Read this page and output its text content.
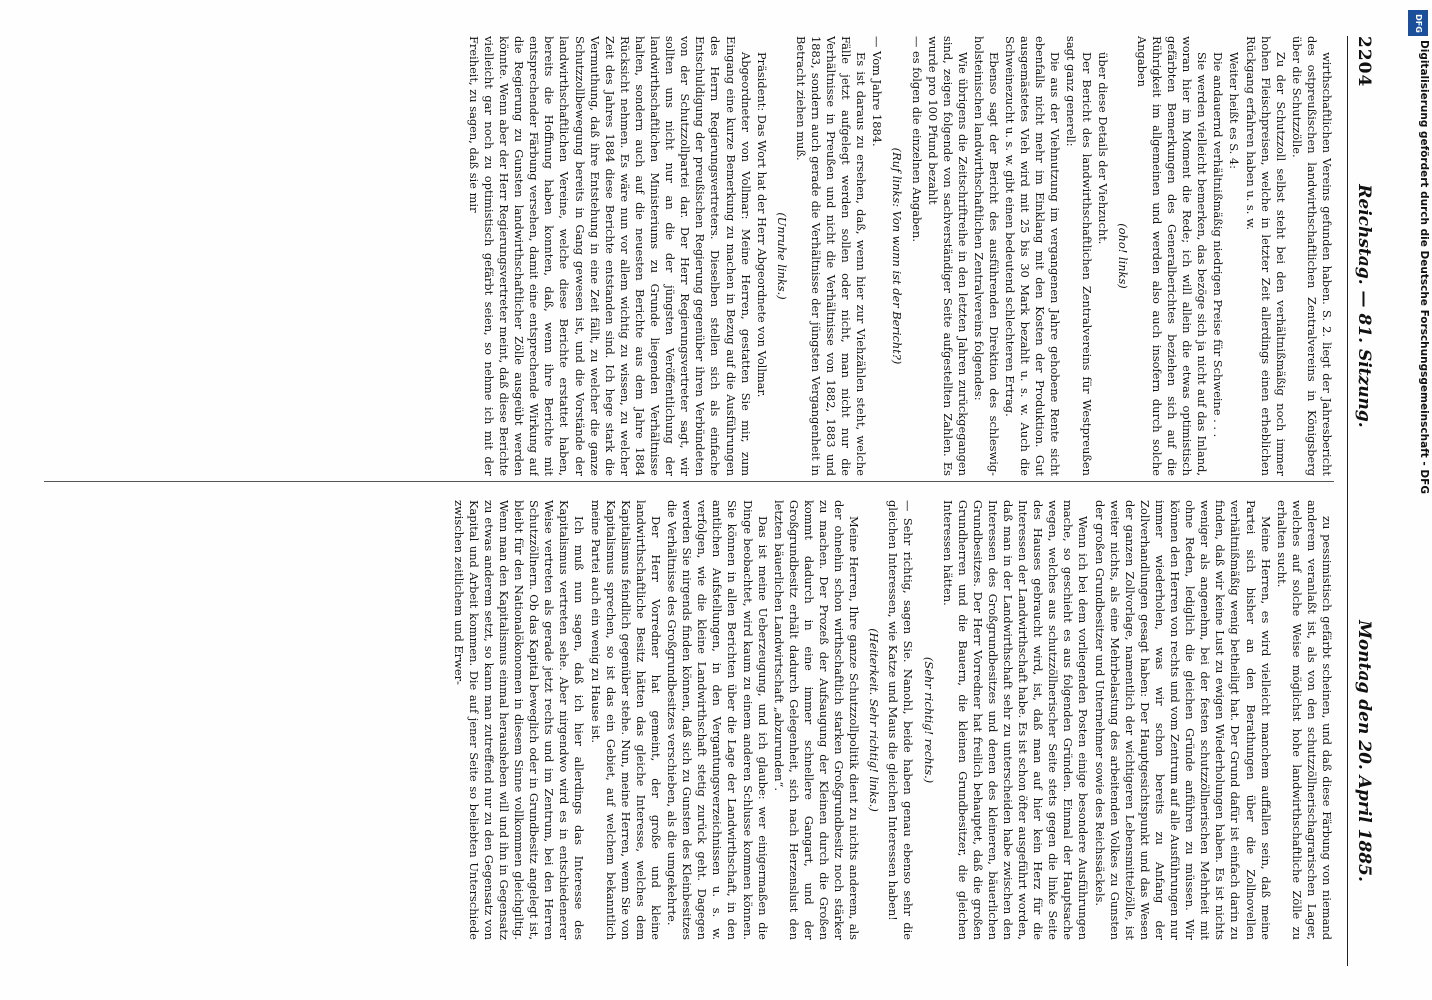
2204
Reichstag. — 81. Sitzung.
Montag den 20. April 1885.

wirthschaftlichen Vereins gefunden haben. S. 2. liegt der Jahresbericht des ostpreußischen landwirthschaftlichen Zentralvereins in Königsberg über die Schutzzölle.

Zu der Schutzzoll selbst steht bei den verhältnißmäßig noch immer hohen Fleischpreisen, welche in letzter Zeit allerdings einen erheblichen Rückgang erfahren haben u. s. w.

Weiter heißt es S. 4:

Die andauernd verhältnißmäßig niedrigen Preise für Schweine . . .

Sie werden vielleicht bemerken, das bezöge sich ja nicht auf das Inland, woran hier im Moment die Rede; ich will allein die etwas optimistisch gefärbten Bemerkungen des Generalberichtes beziehen sich auf die Rührigkeit im allgemeinen und werden also auch insofern durch solche Angaben

(oho! links)

über diese Details der Viehzucht.

Der Bericht des landwirthschaftlichen Zentralvereins für Westpreußen sagt ganz generell:

Die aus der Viehnutzung im vergangenen Jahre gehobene Rente sicht ebenfalls nicht mehr im Einklang mit den Kosten der Produktion. Gut ausgemästetes Vieh wird mit 25 bis 30 Mark bezahlt u. s. w. Auch die Schweinezucht u. s. w. gibt einen bedeutend schlechteren Ertrag.

Ebenso sagt der Bericht des ausführenden Direktion des schleswig-holsteinischen landwirthschaftlichen Zentralvereins folgendes:

Wie übrigens die Zeitschriftreihe in den letzten Jahren zurückgegangen sind, zeigen folgende von sachverständiger Seite aufgestellten Zahlen. Es wurde pro 100 Pfund bezahlt

— es folgen die einzelnen Angaben.

(Ruf links: Von wann ist der Bericht?)

— Vom Jahre 1884.

Es ist daraus zu ersehen, daß, wenn hier zur Viehzählen steht, welche Fälle jetzt aufgelegt werden sollen oder nicht, man nicht nur die Verhältnisse in Preußen und nicht die Verhältnisse von 1882, 1883 und 1883, sondern auch gerade die Verhältnisse der jüngsten Vergangenheit in Betracht ziehen muß.

(Unruhe links.)

Präsident: Das Wort hat der Herr Abgeordnete von Vollmar.

Abgeordneter von Vollmar: Meine Herren, gestatten Sie mir, zum Eingang eine kurze Bemerkung zu machen in Bezug auf die Ausführungen des Herrn Regierungsvertreters. Dieselben stellen sich als einfache Entschuldigung der preußischen Regierung gegenüber ihren Verbündeten von der Schutzzollpartei dar. Der Herr Regierungsvertreter sagt, wir sollten uns nicht nur an die der jüngsten Veröffentlichung der landwirthschaftlichen Ministeriums zu Grunde liegenden Verhältnisse halten, sondern auch auf die neuesten Berichte aus dem Jahre 1884 Rücksicht nehmen. Es wäre nun vor allem wichtig zu wissen, zu welcher Zeit des Jahres 1884 diese Berichte entstanden sind. Ich hege stark die Vermuthung, daß ihre Entstehung in eine Zeit fällt, zu welcher die ganze Schutzzollbewegung bereits in Gang gewesen ist, und die Vorstände der landwirthschaftlichen Vereine, welche diese Berichte erstattet haben, bereits die Hoffnung haben konnten, daß, wenn ihre Berichte mit entsprechender Färbung versehen, damit eine entsprechende Wirkung auf die Regierung zu Gunsten landwirthschaftlicher Zölle ausgeübt werden könnte. Wenn aber der Herr Regierungsvertreter meint, daß diese Berichte vielleicht gar noch zu optimistisch gefärbt seien, so nehme ich mit der Freiheit, zu sagen, daß sie mir

zu pessimistisch gefärbt scheinen, und daß diese Färbung von niemand anderem veranlaßt ist, als von den schutzzöllnerischagrarischen Lager, welches auf solche Weise möglichst hohe landwirthschaftliche Zölle zu erhalten sucht.

Meine Herren, es wird vielleicht manchem auffallen sein, daß meine Partei sich bisher an den Berathungen über die Zollnovellen verhältnißmäßig wenig betheiligt hat. Der Grund dafür ist einfach darin zu finden, daß wir keine Lust zu ewigen Wiederholungen haben. Es ist nichts weniger als angenehm, bei der festen schutzzöllnerischen Mehrheit mit ohne Reden, lediglich die gleichen Gründe anführen zu müssen. Wir können den Herren von rechts und vom Zentrum auf alle Ausführungen nur immer wiederholen, was wir schon bereits zu Anfang der Zollverhandlungen gesagt haben: Der Hauptgesichtspunkt und das Wesen der ganzen Zollvorlage, namentlich der wichtigeren Lebensmittelzölle, ist weiter nichts, als eine Mehrbelastung des arbeitenden Volkes zu Gunsten der großen Grundbesitzer und Unternehmer sowie des Reichssäckels.

Wenn ich bei dem vorliegenden Posten einige besondere Ausführungen mache, so geschieht es aus folgenden Gründen. Einmal der Hauptsache wegen, welches aus schutzzöllnerischer Seite stets gegen die linke Seite des Hauses gebraucht wird, ist, daß man auf hier kein Herz für die Interessen der Landwirthschaft habe. Es ist schon öfter ausgeführt worden, daß man in der Landwirthschaft sehr zu unterscheiden habe zwischen den Interessen des Großgrundbesitzes und denen des kleineren, bäuerlichen Grundbesitzes. Der Herr Vorredner hat freilich behauptet, daß die großen Grundherren und die Bauern, die kleinen Grundbesitzer, die gleichen Interessen hätten.

(Sehr richtig! rechts.)

— Sehr richtig, sagen Sie. Nanohl, beide haben genau ebenso sehr die gleichen Interessen, wie Katze und Maus die gleichen Interessen haben!

(Heiterkeit. Sehr richtig! links.)

Meine Herren, Ihre ganze Schutzzollpolitik dient zu nichts anderem, als der ohnehin schon wirthschaftlich starken Großgrundbesitz noch stärker zu machen. Der Prozeß der Aufsaugung der Kleinen durch die Großen kommt dadurch in eine immer schnellere Gangart, und der Großgrundbesitz erhält dadurch Gelegenheit, sich nach Herzenslust den letzten bäuerlichen Landwirtschaft „abzurunden“.

Das ist meine Ueberzeugung, und ich glaube: wer einigermaßen die Dinge beobachtet, wird kaum zu einem anderen Schlusse kommen können. Sie können in allen Berichten über die Lage der Landwirthschaft, in den amtlichen Aufstellungen, in den Vergantungsverzeichnissen u. s. w. verfolgen, wie die kleine Landwirthschaft stetig zurück geht. Dagegen werden Sie nirgends finden können, daß sich zu Gunsten des Kleinbesitzes die Verhältnisse des Großgrundbesitzes verschieben, als die umgekehrte.

Der Herr Vorredner hat gemeint, der große und kleine landwirthschaftliche Besitz hätten das gleiche Interesse, welches dem Kapitalismus feindlich gegenüber stehe. Nun, meine Herren, wenn Sie von Kapitalismus sprechen, so ist das ein Gebiet, auf welchem bekanntlich meine Partei auch ein wenig zu Hause ist.

Ich muß nun sagen, daß ich hier allerdings das Interesse des Kapitalismus vertreten sehe. Aber nirgendwo wird es in entschiedenerer Weise vertreten als gerade jetzt rechts und im Zentrum, bei den Herren Schutzzöllnern. Ob das Kapital beweglich oder in Grundbesitz angelegt ist, bleibt für den Nationalökonomen in diesem Sinne vollkommen gleichgiltig. Wenn man den Kapitalismus einmal herausheben will und ihn in Gegensatz zu etwas anderem setzt, so kann man zutreffend nur zu den Gegensatz von Kapital und Arbeit kommen. Die auf jener Seite so beliebten Unterschiede zwischen zeitlichem und Erwer-

DFG
Digitalisierung gefördert durch die Deutsche Forschungsgemeinschaft - DFG
